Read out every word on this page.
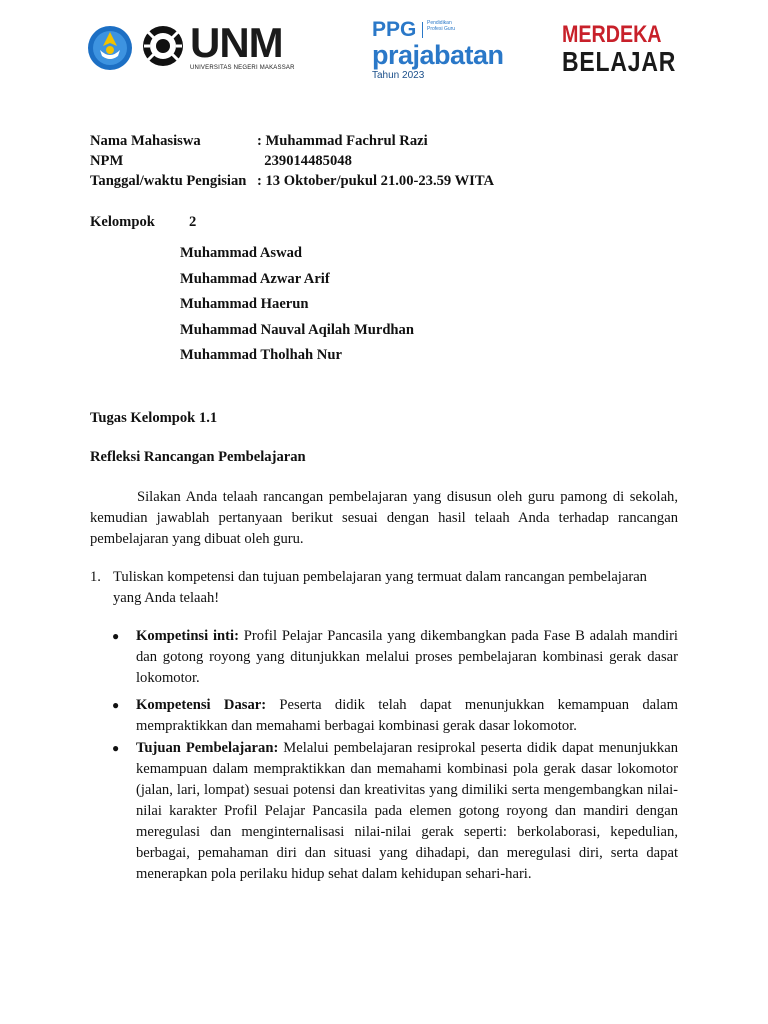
UNM
UNIVERSITAS NEGERI MAKASSAR
PPG Pendidikan Profesi Guru
prajabatan
Tahun 2023
MERDEKA
BELAJAR
Nama Mahasiswa	: Muhammad Fachrul Razi
NPM	239014485048
Tanggal/waktu Pengisian : 13 Oktober/pukul 21.00-23.59 WITA
Kelompok 2
Muhammad Aswad
Muhammad Azwar Arif
Muhammad Haerun
Muhammad Nauval Aqilah Murdhan
Muhammad Tholhah Nur
Tugas Kelompok 1.1
Refleksi Rancangan Pembelajaran
Silakan Anda telaah rancangan pembelajaran yang disusun oleh guru pamong di sekolah, kemudian jawablah pertanyaan berikut sesuai dengan hasil telaah Anda terhadap rancangan pembelajaran yang dibuat oleh guru.
1. Tuliskan kompetensi dan tujuan pembelajaran yang termuat dalam rancangan pembelajaran yang Anda telaah!
● Kompetinsi inti: Profil Pelajar Pancasila yang dikembangkan pada Fase B adalah mandiri dan gotong royong yang ditunjukkan melalui proses pembelajaran kombinasi gerak dasar lokomotor.
● Kompetensi Dasar: Peserta didik telah dapat menunjukkan kemampuan dalam mempraktikkan dan memahami berbagai kombinasi gerak dasar lokomotor.
● Tujuan Pembelajaran: Melalui pembelajaran resiprokal peserta didik dapat menunjukkan kemampuan dalam mempraktikkan dan memahami kombinasi pola gerak dasar lokomotor (jalan, lari, lompat) sesuai potensi dan kreativitas yang dimiliki serta mengembangkan nilai-nilai karakter Profil Pelajar Pancasila pada elemen gotong royong dan mandiri dengan meregulasi dan menginternalisasi nilai-nilai gerak seperti: berkolaborasi, kepedulian, berbagai, pemahaman diri dan situasi yang dihadapi, dan meregulasi diri, serta dapat menerapkan pola perilaku hidup sehat dalam kehidupan sehari-hari.
